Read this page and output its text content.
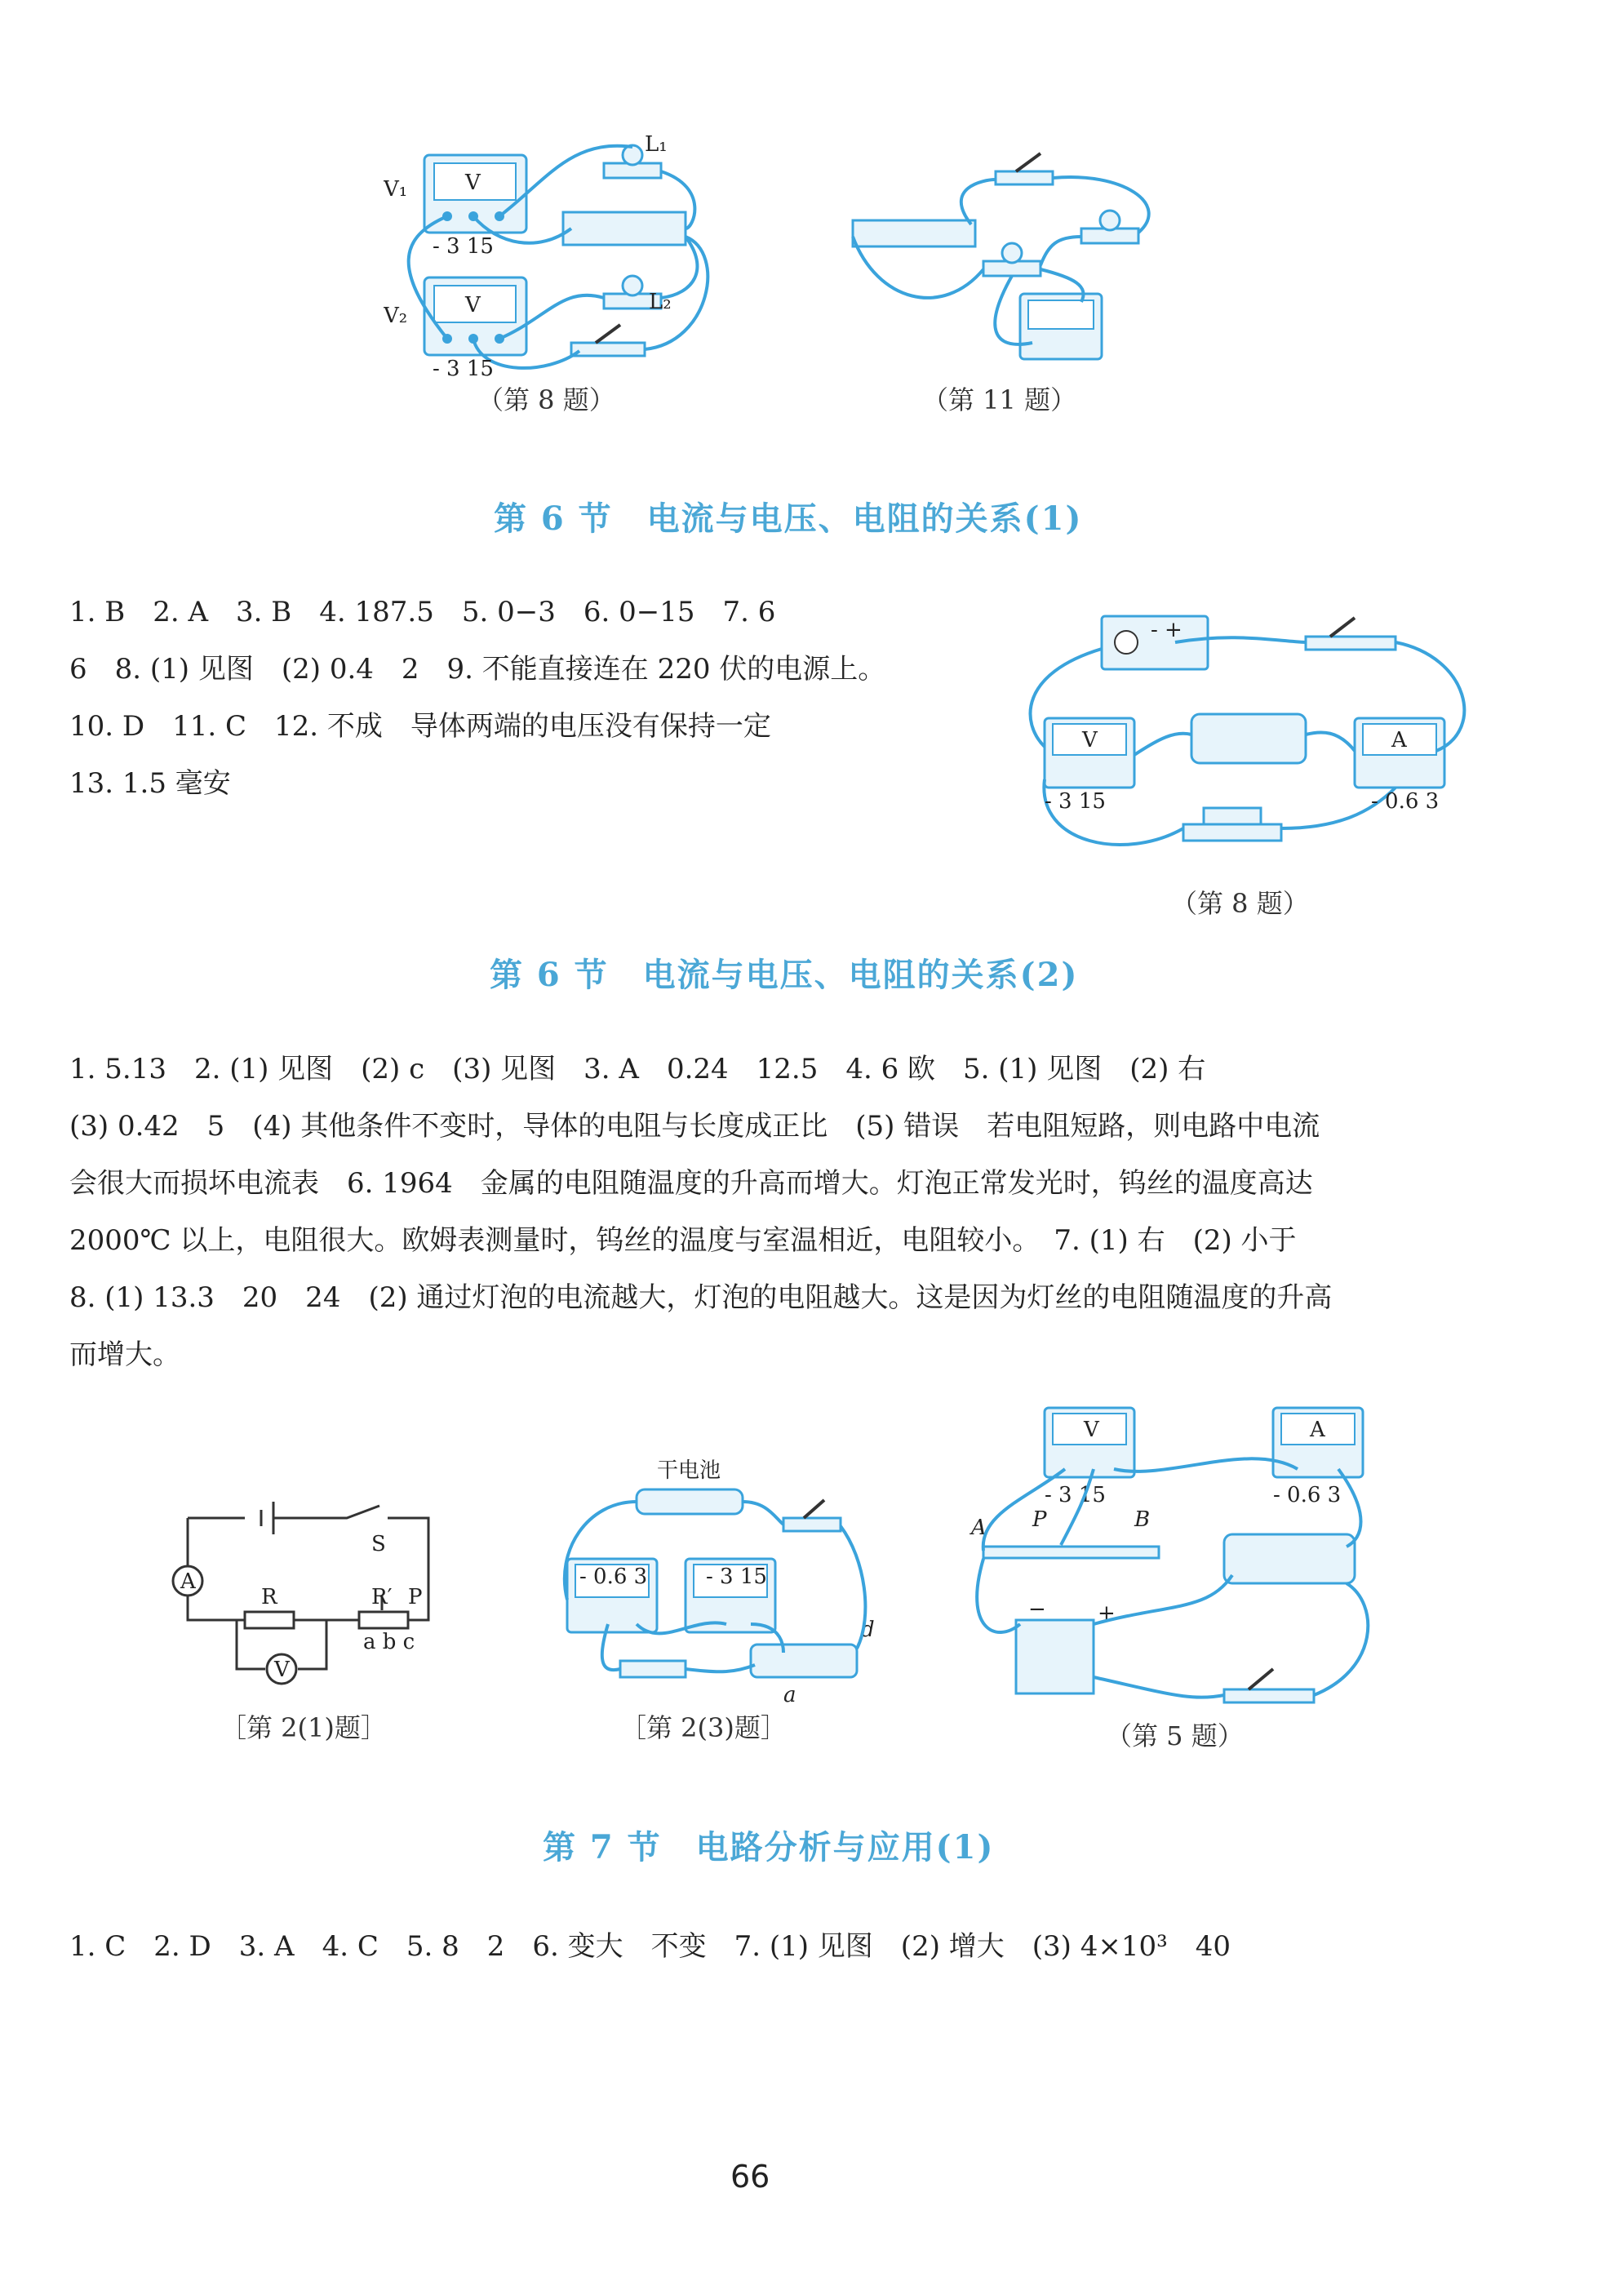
V
V
V₁
V₂
L₁
L₂
- 3 15
- 3 15
（第 8 题）	（第 11 题）
第 6 节　电流与电压、电阻的关系(1)
1. B　2. A　3. B　4. 187.5　5. 0−3　6. 0−15　7. 6
6　8. (1) 见图　(2) 0.4　2　9. 不能直接连在 220 伏的电源上。
10. D　11. C　12. 不成　导体两端的电压没有保持一定
13. 1.5 毫安
- +
V	A
- 3 15	- 0.6 3
（第 8 题）
第 6 节　电流与电压、电阻的关系(2)
1. 5.13　2. (1) 见图　(2) c　(3) 见图　3. A　0.24　12.5　4. 6 欧　5. (1) 见图　(2) 右
(3) 0.42　5　(4) 其他条件不变时，导体的电阻与长度成正比　(5) 错误　若电阻短路，则电路中电流
会很大而损坏电流表　6. 1964　金属的电阻随温度的升高而增大。灯泡正常发光时，钨丝的温度高达
2000℃ 以上，电阻很大。欧姆表测量时，钨丝的温度与室温相近，电阻较小。　7. (1) 右　(2) 小于
8. (1) 13.3　20　24　(2) 通过灯泡的电流越大，灯泡的电阻越大。这是因为灯丝的电阻随温度的升高
而增大。
A
V
S
R	R′ P
a b c
［第 2(1)题］
干电池
- 0.6 3	- 3 15
d
a
［第 2(3)题］
V	A
- 3 15	- 0.6 3
A P	B
− +
（第 5 题）
第 7 节　电路分析与应用(1)
1. C　2. D　3. A　4. C　5. 8　2　6. 变大　不变　7. (1) 见图　(2) 增大　(3) 4×10³　40
66
